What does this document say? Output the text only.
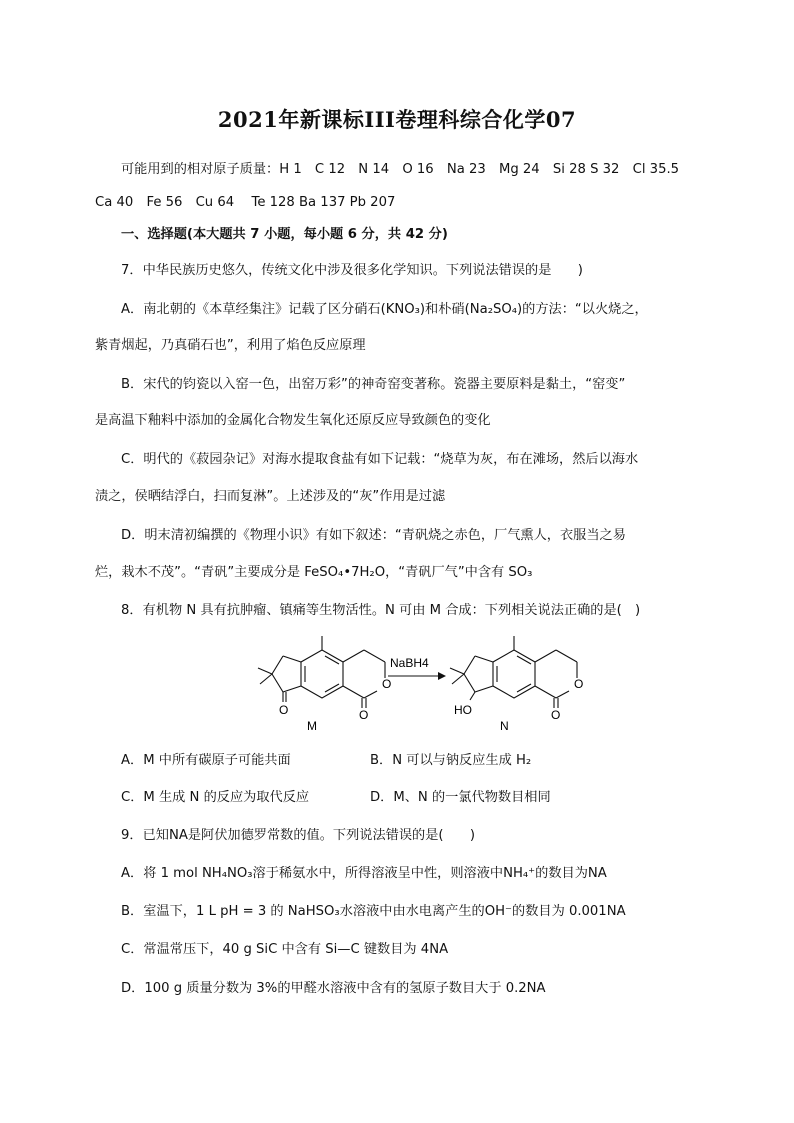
2021年新课标III卷理科综合化学07
可能用到的相对原子质量：H 1　C 12　N 14　O 16　Na 23　Mg 24　Si 28 S 32　Cl 35.5
Ca 40　Fe 56　Cu 64　 Te 128 Ba 137 Pb 207
一、选择题(本大题共 7 小题，每小题 6 分，共 42 分)
7．中华民族历史悠久，传统文化中涉及很多化学知识。下列说法错误的是　　)
A．南北朝的《本草经集注》记载了区分硝石(KNO₃)和朴硝(Na₂SO₄)的方法：“以火烧之，
紫青烟起，乃真硝石也”，利用了焰色反应原理
B．宋代的钧瓷以入窑一色，出窑万彩”的神奇窑变著称。瓷器主要原料是黏土，“窑变”
是高温下釉料中添加的金属化合物发生氧化还原反应导致颜色的变化
C．明代的《菽园杂记》对海水提取食盐有如下记载：“烧草为灰，布在滩场，然后以海水
渍之，侯晒结浮白，扫而复淋”。上述涉及的“灰”作用是过滤
D．明末清初编撰的《物理小识》有如下叙述：“青矾烧之赤色，厂气熏人，衣服当之易
烂，栽木不茂”。“青矾”主要成分是 FeSO₄•7H₂O，“青矾厂气”中含有 SO₃
8．有机物 N 具有抗肿瘤、镇痛等生物活性。N 可由 M 合成：下列相关说法正确的是(　)
O
O
O
M
NaBH4
HO
O
O
N
A．M 中所有碳原子可能共面	B．N 可以与钠反应生成 H₂
C．M 生成 N 的反应为取代反应	D．M、N 的一氯代物数目相同
9．已知NA是阿伏加德罗常数的值。下列说法错误的是(　　)
A．将 1 mol NH₄NO₃溶于稀氨水中，所得溶液呈中性，则溶液中NH₄⁺的数目为NA
B．室温下，1 L pH = 3 的 NaHSO₃水溶液中由水电离产生的OH⁻的数目为 0.001NA
C．常温常压下，40 g SiC 中含有 Si—C 键数目为 4NA
D．100 g 质量分数为 3%的甲醛水溶液中含有的氢原子数目大于 0.2NA
